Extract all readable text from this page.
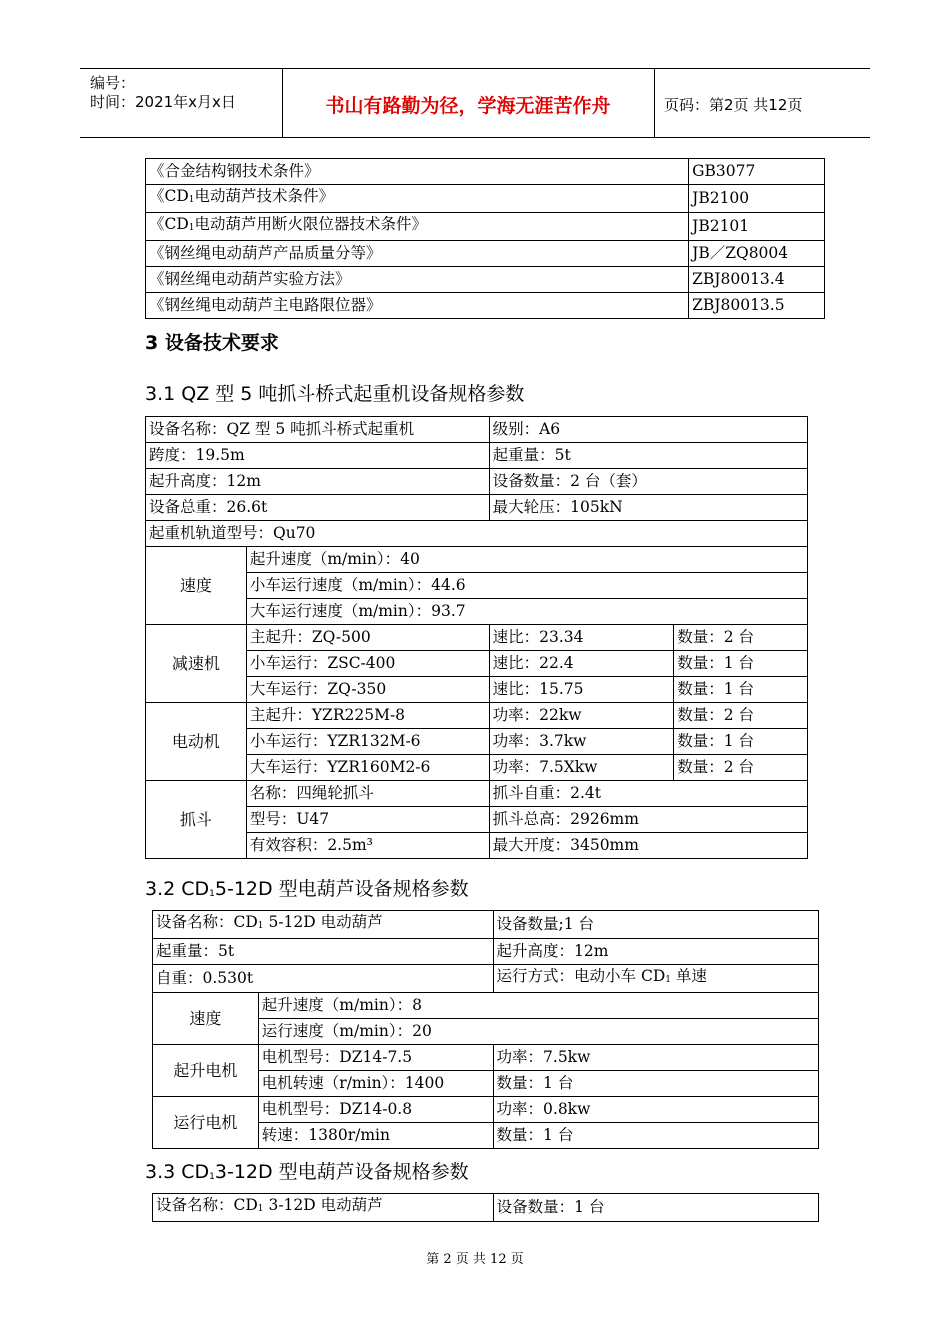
编号：
时间：2021年x月x日	书山有路勤为径，学海无涯苦作舟	页码：第2页 共12页
《合金结构钢技术条件》	GB3077
《$CD_1$电动葫芦技术条件》	JB2100
《$CD_1$电动葫芦用断火限位器技术条件》	JB2101
《钢丝绳电动葫芦产品质量分等》	JB／ZQ8004
《钢丝绳电动葫芦实验方法》	ZBJ80013.4
《钢丝绳电动葫芦主电路限位器》	ZBJ80013.5
3 设备技术要求
3.1 QZ 型 5 吨抓斗桥式起重机设备规格参数
设备名称：QZ 型 5 吨抓斗桥式起重机		级别：A6	
跨度：19.5m		起重量：5t	
起升高度：12m		设备数量：2 台（套）	
设备总重：26.6t		最大轮压：105kN	
起重机轨道型号：Qu70			
速度	起升速度（m/min）：40		
	小车运行速度（m/min）：44.6		
	大车运行速度（m/min）：93.7		
减速机	主起升：ZQ-500	速比：23.34	数量：2 台
	小车运行：ZSC-400	速比：22.4	数量：1 台
	大车运行：ZQ-350	速比：15.75	数量：1 台
电动机	主起升：YZR225M-8	功率：22kw	数量：2 台
	小车运行：YZR132M-6	功率：3.7kw	数量：1 台
	大车运行：YZR160M2-6	功率：7.5Xkw	数量：2 台
抓斗	名称：四绳轮抓斗	抓斗自重：2.4t	
	型号：U47	抓斗总高：2926mm	
	有效容积：2.5m³	最大开度：3450mm	
3.2 $CD_15-12D$ 型电葫芦设备规格参数
设备名称：$CD_1$ 5-12D 电动葫芦		设备数量;1 台
起重量：5t		起升高度：12m
自重：0.530t		运行方式：电动小车 $CD_1$ 单速
速度	起升速度（m/min）：8	
	运行速度（m/min）：20	
起升电机	电机型号：DZ14-7.5	功率：7.5kw
	电机转速（r/min）：1400	数量：1 台
运行电机	电机型号：DZ14-0.8	功率：0.8kw
	转速：1380r/min	数量：1 台
3.3 $CD_13-12D$ 型电葫芦设备规格参数
设备名称：$CD_1$ 3-12D 电动葫芦	设备数量：1 台
第 2 页 共 12 页
